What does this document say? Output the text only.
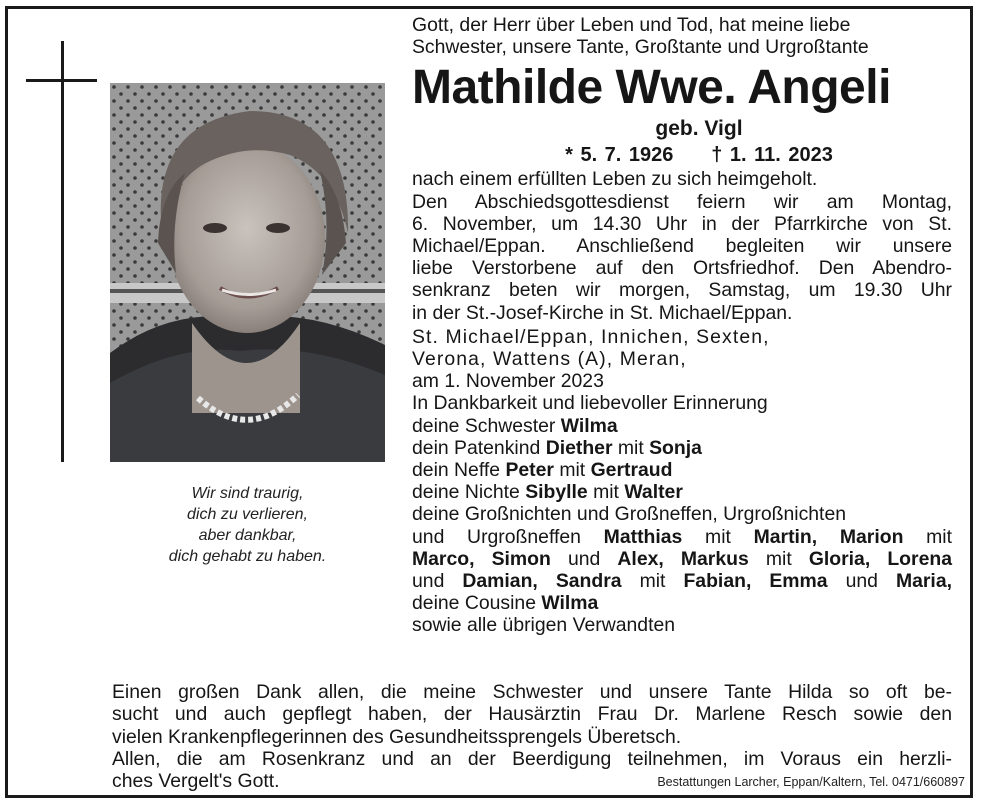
Wir sind traurig,
dich zu verlieren,
aber dankbar,
dich gehabt zu haben.
Gott, der Herr über Leben und Tod, hat meine liebe
Schwester, unsere Tante, Großtante und Urgroßtante
Mathilde Wwe. Angeli
geb. Vigl
* 5. 7. 1926 † 1. 11. 2023
nach einem erfüllten Leben zu sich heimgeholt.
Den Abschiedsgottesdienst feiern wir am Montag,
6. November, um 14.30 Uhr in der Pfarrkirche von St.
Michael/Eppan. Anschließend begleiten wir unsere
liebe Verstorbene auf den Ortsfriedhof. Den Abendro-
senkranz beten wir morgen, Samstag, um 19.30 Uhr
in der St.-Josef-Kirche in St. Michael/Eppan.
St. Michael/Eppan, Innichen, Sexten,
Verona, Wattens (A), Meran,
am 1. November 2023
In Dankbarkeit und liebevoller Erinnerung
deine Schwester Wilma
dein Patenkind Diether mit Sonja
dein Neffe Peter mit Gertraud
deine Nichte Sibylle mit Walter
deine Großnichten und Großneffen, Urgroßnichten
und Urgroßneffen Matthias mit Martin, Marion mit
Marco, Simon und Alex, Markus mit Gloria, Lorena
und Damian, Sandra mit Fabian, Emma und Maria,
deine Cousine Wilma
sowie alle übrigen Verwandten
Einen großen Dank allen, die meine Schwester und unsere Tante Hilda so oft be-
sucht und auch gepflegt haben, der Hausärztin Frau Dr. Marlene Resch sowie den
vielen Krankenpflegerinnen des Gesundheitssprengels Überetsch.
Allen, die am Rosenkranz und an der Beerdigung teilnehmen, im Voraus ein herzli-
ches Vergelt's Gott.	Bestattungen Larcher, Eppan/Kaltern, Tel. 0471/660897
